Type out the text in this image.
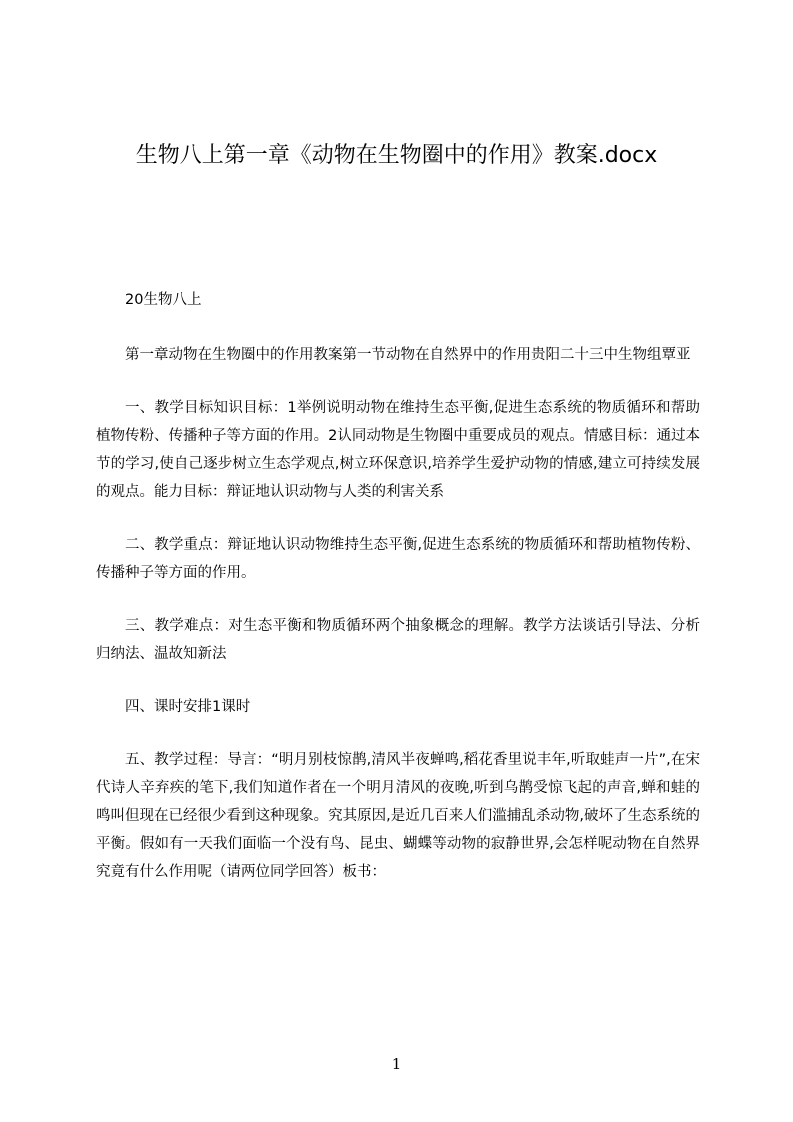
生物八上第一章《动物在生物圈中的作用》教案.docx

20生物八上

第一章动物在生物圈中的作用教案第一节动物在自然界中的作用贵阳二十三中生物组覃亚

一、教学目标知识目标：1举例说明动物在维持生态平衡,促进生态系统的物质循环和帮助植物传粉、传播种子等方面的作用。2认同动物是生物圈中重要成员的观点。情感目标：通过本节的学习,使自己逐步树立生态学观点,树立环保意识,培养学生爱护动物的情感,建立可持续发展的观点。能力目标：辩证地认识动物与人类的利害关系

二、教学重点：辩证地认识动物维持生态平衡,促进生态系统的物质循环和帮助植物传粉、传播种子等方面的作用。

三、教学难点：对生态平衡和物质循环两个抽象概念的理解。教学方法谈话引导法、分析归纳法、温故知新法

四、课时安排1课时

五、教学过程：导言：“明月别枝惊鹊,清风半夜蝉鸣,稻花香里说丰年,听取蛙声一片”,在宋代诗人辛弃疾的笔下,我们知道作者在一个明月清风的夜晚,听到乌鹊受惊飞起的声音,蝉和蛙的鸣叫但现在已经很少看到这种现象。究其原因,是近几百来人们滥捕乱杀动物,破坏了生态系统的平衡。假如有一天我们面临一个没有鸟、昆虫、蝴蝶等动物的寂静世界,会怎样呢动物在自然界究竟有什么作用呢（请两位同学回答）板书：

1
